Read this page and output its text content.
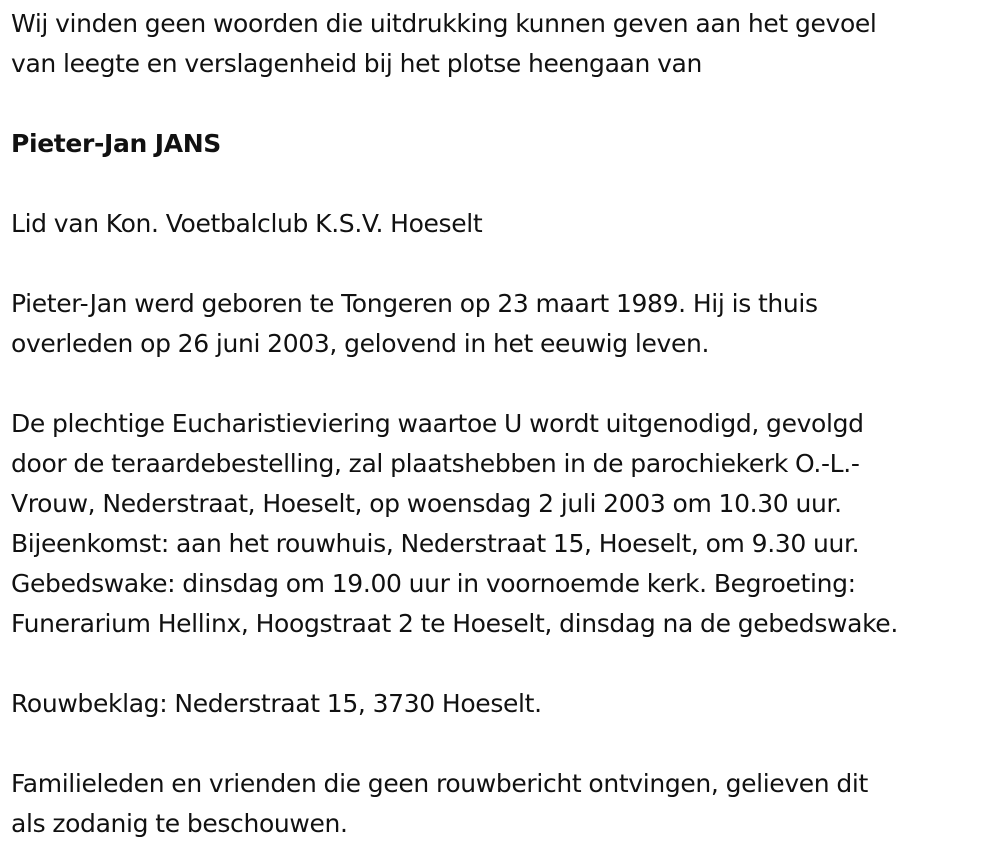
Wij vinden geen woorden die uitdrukking kunnen geven aan het gevoel
van leegte en verslagenheid bij het plotse heengaan van

Pieter-Jan JANS

Lid van Kon. Voetbalclub K.S.V. Hoeselt

Pieter-Jan werd geboren te Tongeren op 23 maart 1989. Hij is thuis
overleden op 26 juni 2003, gelovend in het eeuwig leven.

De plechtige Eucharistieviering waartoe U wordt uitgenodigd, gevolgd
door de teraardebestelling, zal plaatshebben in de parochiekerk O.-L.-
Vrouw, Nederstraat, Hoeselt, op woensdag 2 juli 2003 om 10.30 uur.
Bijeenkomst: aan het rouwhuis, Nederstraat 15, Hoeselt, om 9.30 uur.
Gebedswake: dinsdag om 19.00 uur in voornoemde kerk. Begroeting:
Funerarium Hellinx, Hoogstraat 2 te Hoeselt, dinsdag na de gebedswake.

Rouwbeklag: Nederstraat 15, 3730 Hoeselt.

Familieleden en vrienden die geen rouwbericht ontvingen, gelieven dit
als zodanig te beschouwen.
